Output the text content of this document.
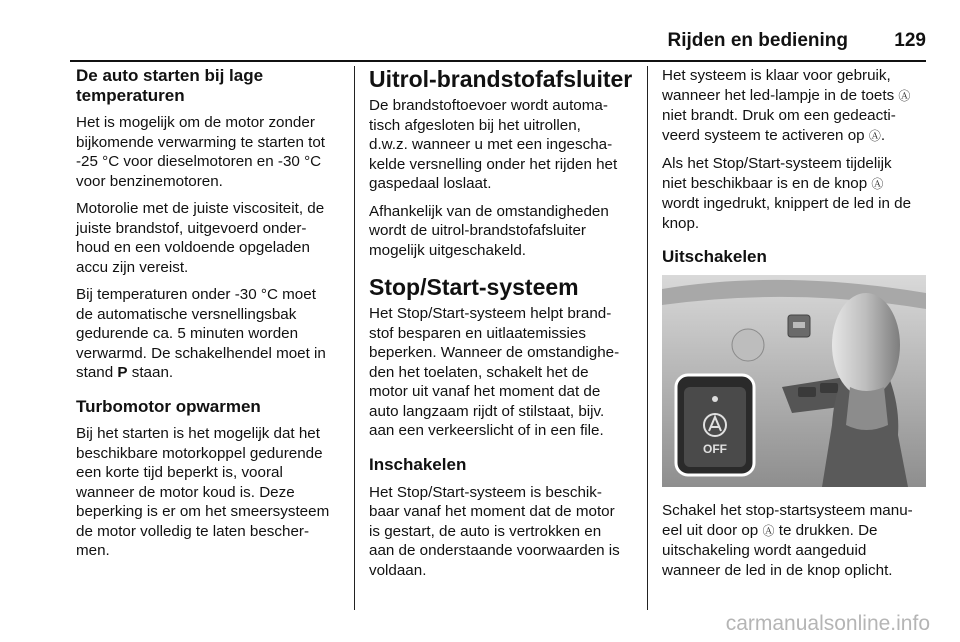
Rijden en bediening 129
De auto starten bij lage temperaturen

Het is mogelijk om de motor zonder
bijkomende verwarming te starten tot
-25 °C voor dieselmotoren en -30 °C
voor benzinemotoren.

Motorolie met de juiste viscositeit, de
juiste brandstof, uitgevoerd onder-
houd en een voldoende opgeladen
accu zijn vereist.

Bij temperaturen onder -30 °C moet
de automatische versnellingsbak
gedurende ca. 5 minuten worden
verwarmd. De schakelhendel moet in
stand P staan.

Turbomotor opwarmen

Bij het starten is het mogelijk dat het
beschikbare motorkoppel gedurende
een korte tijd beperkt is, vooral
wanneer de motor koud is. Deze
beperking is er om het smeersysteem
de motor volledig te laten bescher-
men.

Uitrol-brandstofafsluiter

De brandstoftoevoer wordt automa-
tisch afgesloten bij het uitrollen,
d.w.z. wanneer u met een ingescha-
kelde versnelling onder het rijden het
gaspedaal loslaat.

Afhankelijk van de omstandigheden
wordt de uitrol-brandstofafsluiter
mogelijk uitgeschakeld.

Stop/Start-systeem

Het Stop/Start-systeem helpt brand-
stof besparen en uitlaatemissies
beperken. Wanneer de omstandighe-
den het toelaten, schakelt het de
motor uit vanaf het moment dat de
auto langzaam rijdt of stilstaat, bijv.
aan een verkeerslicht of in een file.

Inschakelen

Het Stop/Start-systeem is beschik-
baar vanaf het moment dat de motor
is gestart, de auto is vertrokken en
aan de onderstaande voorwaarden is
voldaan.

Het systeem is klaar voor gebruik,
wanneer het led-lampje in de toets Ⓐ
niet brandt. Druk om een gedeacti-
veerd systeem te activeren op Ⓐ.

Als het Stop/Start-systeem tijdelijk
niet beschikbaar is en de knop Ⓐ
wordt ingedrukt, knippert de led in de
knop.

Uitschakelen
OFF

Schakel het stop-startsysteem manu-
eel uit door op Ⓐ te drukken. De
uitschakeling wordt aangeduid
wanneer de led in de knop oplicht.

carmanualsonline.info
